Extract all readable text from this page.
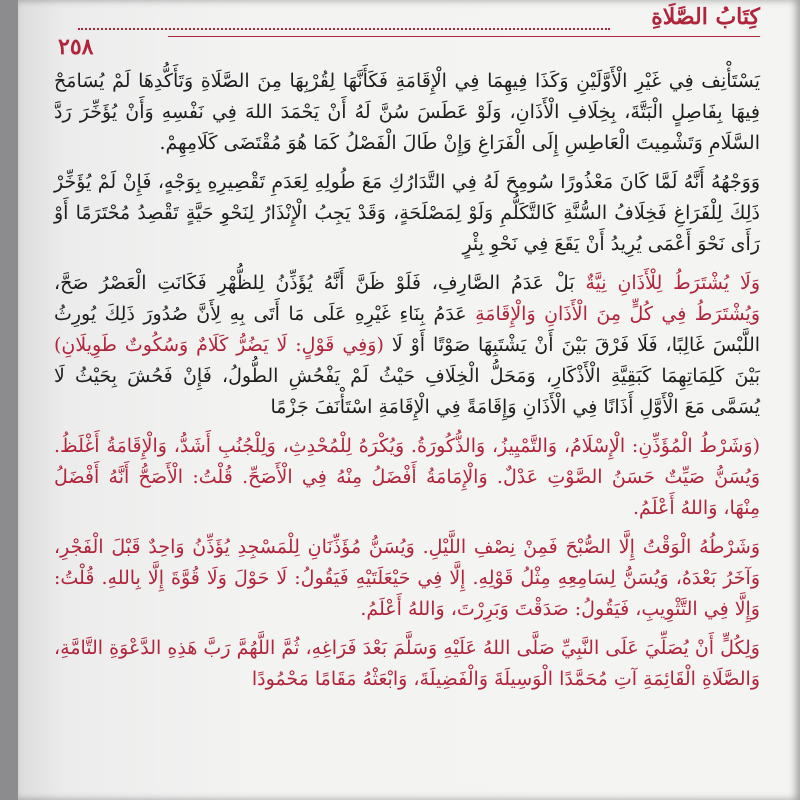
كِتَابُ الصَّلَاةِ
٢٥٨

يَسْتَأْنِف فِي غَيْرِ الْأَوَّلَيْنِ وَكَذَا فِيهِمَا فِي الْإِقَامَةِ فَكَأَنَّهَا لِقُرْبِهَا مِنَ الصَّلَاةِ وَتَأَكُّدِهَا لَمْ يُسَامَحْ فِيهَا بِفَاصِلٍ الْبَتَّةَ، بِخِلَافِ الْأَذَانِ، وَلَوْ عَطَسَ سُنَّ لَهُ أَنْ يَحْمَدَ اللهَ فِي نَفْسِهِ وَأَنْ يُؤَخِّرَ رَدَّ السَّلَامِ وَتَشْمِيتَ الْعَاطِسِ إِلَى الْفَرَاغِ وَإِنْ طَالَ الْفَصْلُ كَمَا هُوَ مُقْتَضَى كَلَامِهِمْ.

وَوَجْهُهُ أَنَّهُ لَمَّا كَانَ مَعْذُورًا سُومِحَ لَهُ فِي التَّدَارُكِ مَعَ طُولِهِ لِعَدَمِ تَقْصِيرِهِ بِوَجْهٍ، فَإِنْ لَمْ يُؤَخِّرْ ذَلِكَ لِلْفَرَاغِ فَخِلَافُ السُّنَّةِ كَالتَّكَلُّمِ وَلَوْ لِمَصْلَحَةٍ، وَقَدْ يَجِبُ الْإِنْذَارُ لِنَحْوِ حَيَّةٍ تَقْصِدُ مُحْتَرَمًا أَوْ رَأَى نَحْوَ أَعْمَى يُرِيدُ أَنْ يَقَعَ فِي نَحْوِ بِئْرٍ

وَلَا يُشْتَرَطُ لِلْأَذَانِ نِيَّةٌ بَلْ عَدَمُ الصَّارِفِ، فَلَوْ ظَنَّ أَنَّهُ يُؤَذِّنُ لِلظُّهْرِ فَكَانَتِ الْعَصْرُ صَحَّ، وَيُشْتَرَطُ فِي كُلٍّ مِنَ الْأَذَانِ وَالْإِقَامَةِ عَدَمُ بِنَاءِ غَيْرِهِ عَلَى مَا أَتَى بِهِ لِأَنَّ صُدُورَ ذَلِكَ يُورِثُ اللَّبْسَ غَالِبًا، فَلَا فَرْقَ بَيْنَ أَنْ يَشْتَبِهَا صَوْتًا أَوْ لَا (وَفِي قَوْلٍ: لَا يَضُرُّ كَلَامٌ وَسُكُوتٌ طَوِيلَانِ) بَيْنَ كَلِمَاتِهِمَا كَبَقِيَّةِ الْأَذْكَارِ، وَمَحَلُّ الْخِلَافِ حَيْثُ لَمْ يَفْحُشِ الطُّولُ، فَإِنْ فَحُشَ بِحَيْثُ لَا يُسَمَّى مَعَ الْأَوَّلِ أَذَانًا فِي الْأَذَانِ وَإِقَامَةً فِي الْإِقَامَةِ اسْتَأْنَفَ جَزْمًا

(وَشَرْطُ الْمُؤَذِّنِ: الْإِسْلَامُ، وَالتَّمْيِيزُ، وَالذُّكُورَةُ. وَيُكْرَهُ لِلْمُحْدِثِ، وَلِلْجُنُبِ أَشَدُّ، وَالْإِقَامَةُ أَغْلَظُ. وَيُسَنُّ صَيِّتٌ حَسَنُ الصَّوْتِ عَدْلٌ. وَالْإِمَامَةُ أَفْضَلُ مِنْهُ فِي الْأَصَحِّ. قُلْتُ: الْأَصَحُّ أَنَّهُ أَفْضَلُ مِنْهَا، وَاللهُ أَعْلَمُ.

وَشَرْطُهُ الْوَقْتُ إِلَّا الصُّبْحَ فَمِنْ نِصْفِ اللَّيْلِ. وَيُسَنُّ مُؤَذِّنَانِ لِلْمَسْجِدِ يُؤَذِّنُ وَاحِدٌ قَبْلَ الْفَجْرِ، وَآخَرُ بَعْدَهُ، وَيُسَنُّ لِسَامِعِهِ مِثْلُ قَوْلِهِ. إِلَّا فِي حَيْعَلَتَيْهِ فَيَقُولُ: لَا حَوْلَ وَلَا قُوَّةَ إِلَّا بِاللهِ. قُلْتُ: وَإِلَّا فِي التَّثْوِيبِ، فَيَقُولُ: صَدَقْتَ وَبَرِرْتَ، وَاللهُ أَعْلَمُ.

وَلِكُلٍّ أَنْ يُصَلِّيَ عَلَى النَّبِيِّ صَلَّى اللهُ عَلَيْهِ وَسَلَّمَ بَعْدَ فَرَاغِهِ، ثُمَّ اللَّهُمَّ رَبَّ هَذِهِ الدَّعْوَةِ التَّامَّةِ، وَالصَّلَاةِ الْقَائِمَةِ آتِ مُحَمَّدًا الْوَسِيلَةَ وَالْفَضِيلَةَ، وَابْعَثْهُ مَقَامًا مَحْمُودًا
